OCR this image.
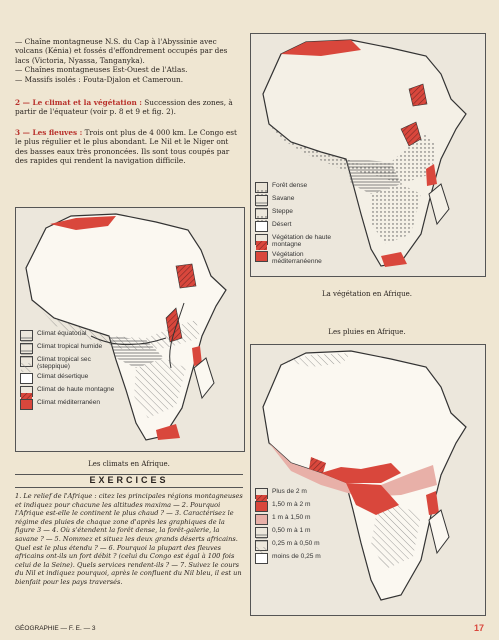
— Chaîne montagneuse N.S. du Cap à l'Abyssinie avec volcans (Kénia) et fossés d'effondrement occupés par des lacs (Victoria, Nyassa, Tanganyka).

— Chaînes montagneuses Est-Ouest de l'Atlas.

— Massifs isolés : Fouta-Djalon et Cameroun.

2 — Le climat et la végétation : Succession des zones, à partir de l'équateur (voir p. 8 et 9 et fig. 2).
3 — Les fleuves : Trois ont plus de 4 000 km. Le Congo est le plus régulier et le plus abondant. Le Nil et le Niger ont des basses eaux très prononcées. Ils sont tous coupés par des rapides qui rendent la navigation difficile.
Forêt dense
Savane
Steppe
Désert
Végétation de haute montagne
Végétation méditerranéenne
La végétation en Afrique.
Les pluies en Afrique.
Climat équatorial
Climat tropical humide
Climat tropical sec (steppique)
Climat désertique
Climat de haute montagne
Climat méditerranéen
Les climats en Afrique.
Plus de 2 m
1,50 m à 2 m
1 m à 1,50 m
0,50 m à 1 m
0,25 m à 0,50 m
moins de 0,25 m
EXERCICES
1. Le relief de l'Afrique : citez les principales régions montagneuses et indiquez pour chacune les altitudes maxima — 2. Pourquoi l'Afrique est-elle le continent le plus chaud ? — 3. Caractérisez le régime des pluies de chaque zone d'après les graphiques de la figure 3 — 4. Où s'étendent la forêt dense, la forêt-galerie, la savane ? — 5. Nommez et situez les deux grands déserts africains. Quel est le plus étendu ? — 6. Pourquoi la plupart des fleuves africains ont-ils un fort débit ? (celui du Congo est égal à 100 fois celui de la Seine). Quels services rendent-ils ? — 7. Suivez le cours du Nil et indiquez pourquoi, après le confluent du Nil bleu, il est un bienfait pour les pays traversés.
GÉOGRAPHIE — F. E. — 3	17
